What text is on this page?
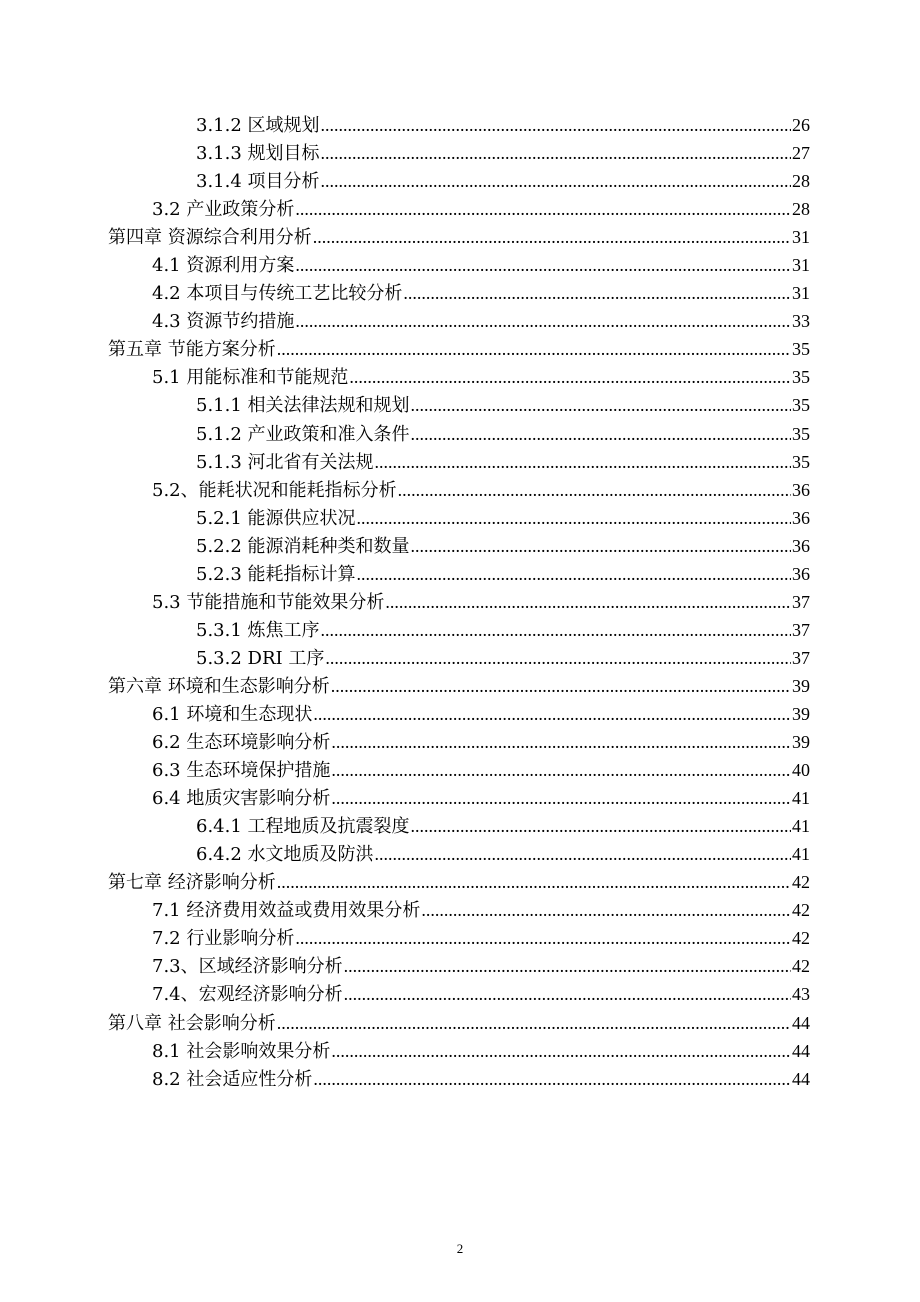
3.1.2 区域规划 .....	26
3.1.3 规划目标 .....	27
3.1.4 项目分析 .....	28
3.2 产业政策分析 .....	28
第四章 资源综合利用分析 .....	31
4.1 资源利用方案 .....	31
4.2 本项目与传统工艺比较分析 .....	31
4.3 资源节约措施 .....	33
第五章 节能方案分析 .....	35
5.1 用能标准和节能规范 .....	35
5.1.1 相关法律法规和规划 .....	35
5.1.2 产业政策和准入条件 .....	35
5.1.3 河北省有关法规 .....	35
5.2、能耗状况和能耗指标分析 .....	36
5.2.1 能源供应状况 .....	36
5.2.2 能源消耗种类和数量 .....	36
5.2.3 能耗指标计算 .....	36
5.3 节能措施和节能效果分析 .....	37
5.3.1 炼焦工序 .....	37
5.3.2 DRI 工序 .....	37
第六章 环境和生态影响分析 .....	39
6.1 环境和生态现状 .....	39
6.2 生态环境影响分析 .....	39
6.3 生态环境保护措施 .....	40
6.4 地质灾害影响分析 .....	41
6.4.1 工程地质及抗震裂度 .....	41
6.4.2 水文地质及防洪 .....	41
第七章 经济影响分析 .....	42
7.1 经济费用效益或费用效果分析 .....	42
7.2 行业影响分析 .....	42
7.3、区域经济影响分析 .....	42
7.4、宏观经济影响分析 .....	43
第八章 社会影响分析 .....	44
8.1 社会影响效果分析 .....	44
8.2 社会适应性分析 .....	44
2
